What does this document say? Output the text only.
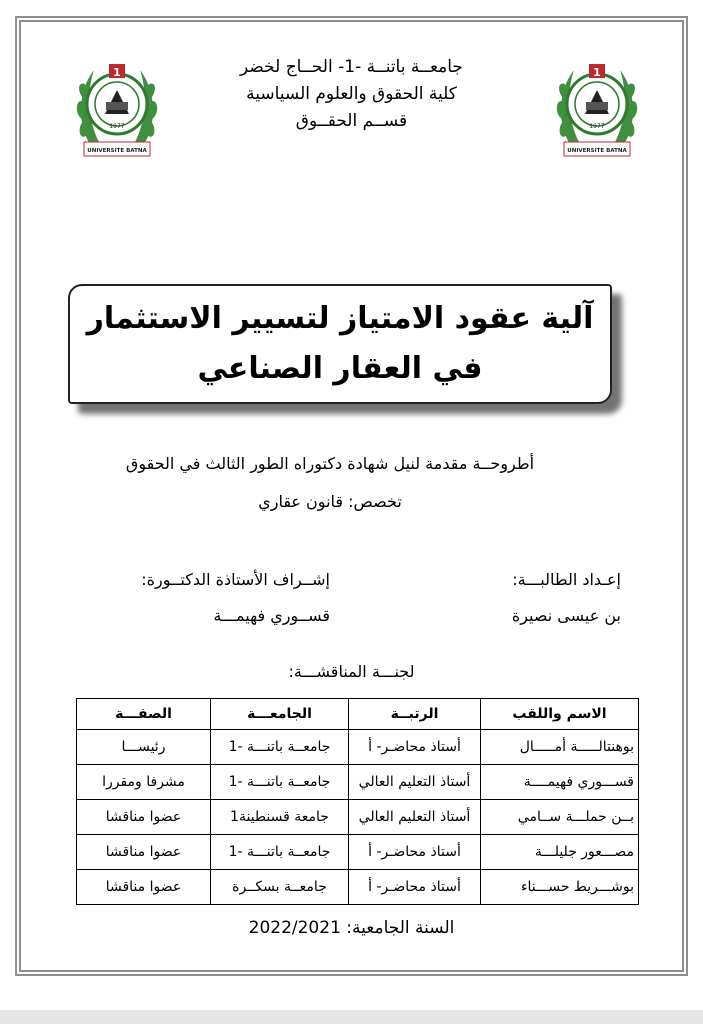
1
1977
UNIVERSITE BATNA
1
1977
UNIVERSITE BATNA
جامعــة باتنــة -1- الحــاج لخضر
كلية الحقوق والعلوم السياسية
قســم الحقــوق
آلية عقود الامتياز لتسيير الاستثمار
في العقار الصناعي
أطروحــة مقدمة لنيل شهادة دكتوراه الطور الثالث في الحقوق
تخصص: قانون عقاري
إعـداد الطالبـــة:
بن عيسى نصيرة
إشــراف الأستاذة الدكتــورة:
قســوري فهيمـــة
لجنـــة المناقشـــة:
الاسم واللقب	الرتبــة	الجامعـــة	الصفـــة
بوهنتالـــــة أمـــــال	أستاذ محاضـر- أ	جامعــة باتنـــة -1	رئيســـا
قســـوري فهيمــــة	أستاذ التعليم العالي	جامعــة باتنـــة -1	مشرفا ومقررا
بــن حملـــة ســامي	أستاذ التعليم العالي	جامعة قسنطينة1	عضوا مناقشا
مصـــعور جليلـــة	أستاذ محاضـر- أ	جامعــة باتنـــة -1	عضوا مناقشا
بوشـــريط حســـناء	أستاذ محاضـر- أ	جامعــة بسكــرة	عضوا مناقشا
السنة الجامعية: 2022/2021
